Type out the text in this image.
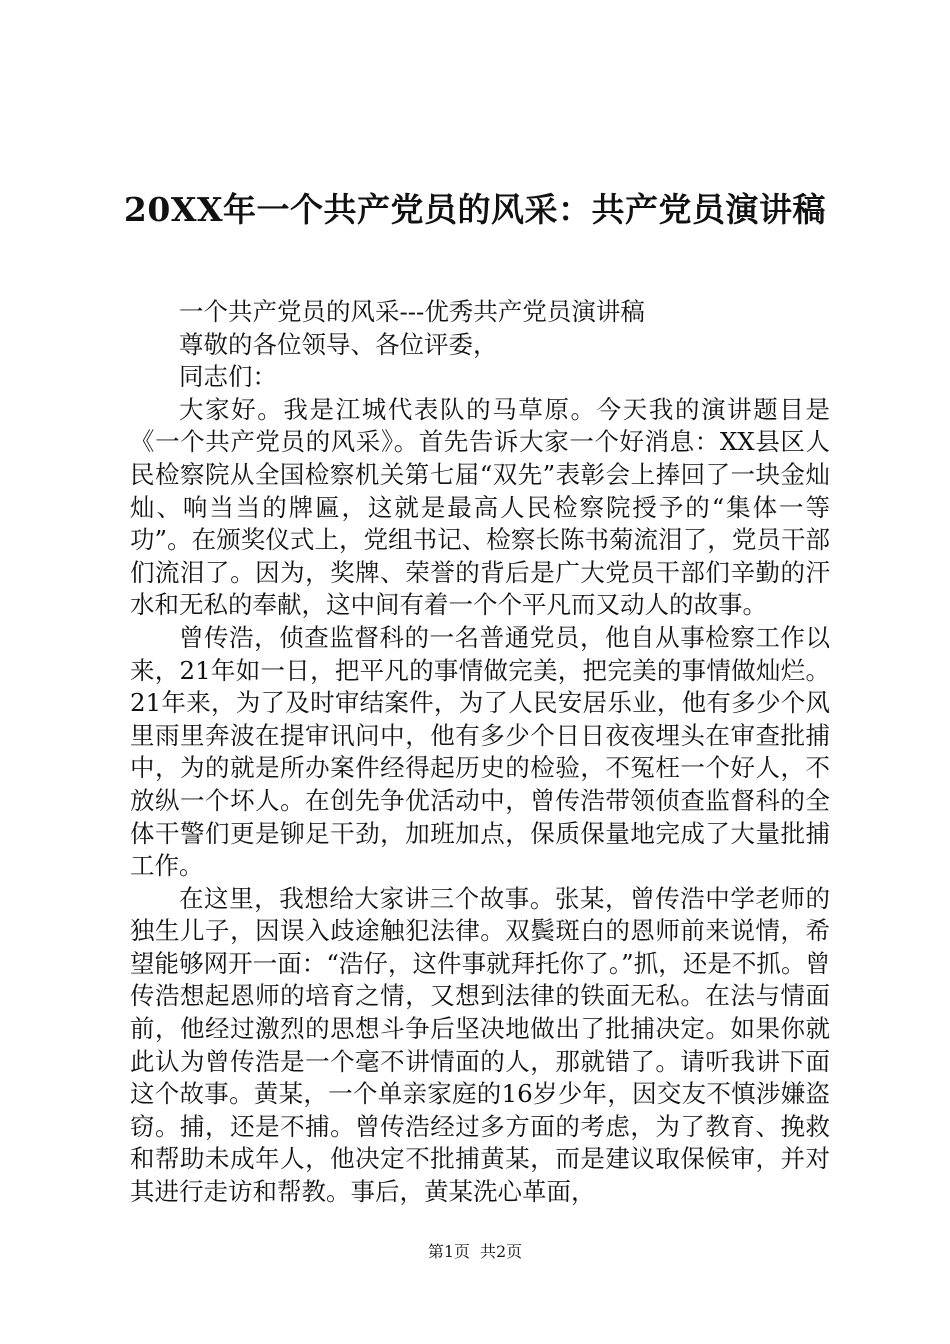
20XX年一个共产党员的风采：共产党员演讲稿

一个共产党员的风采---优秀共产党员演讲稿

尊敬的各位领导、各位评委，

同志们：

大家好。我是江城代表队的马草原。今天我的演讲题目是《一个共产党员的风采》。首先告诉大家一个好消息：XX县区人民检察院从全国检察机关第七届“双先”表彰会上捧回了一块金灿灿、响当当的牌匾，这就是最高人民检察院授予的“集体一等功”。在颁奖仪式上，党组书记、检察长陈书菊流泪了，党员干部们流泪了。因为，奖牌、荣誉的背后是广大党员干部们辛勤的汗水和无私的奉献，这中间有着一个个平凡而又动人的故事。

曾传浩，侦查监督科的一名普通党员，他自从事检察工作以来，21年如一日，把平凡的事情做完美，把完美的事情做灿烂。21年来，为了及时审结案件，为了人民安居乐业，他有多少个风里雨里奔波在提审讯问中，他有多少个日日夜夜埋头在审查批捕中，为的就是所办案件经得起历史的检验，不冤枉一个好人，不放纵一个坏人。在创先争优活动中，曾传浩带领侦查监督科的全体干警们更是铆足干劲，加班加点，保质保量地完成了大量批捕工作。

在这里，我想给大家讲三个故事。张某，曾传浩中学老师的独生儿子，因误入歧途触犯法律。双鬓斑白的恩师前来说情，希望能够网开一面：“浩仔，这件事就拜托你了。”抓，还是不抓。曾传浩想起恩师的培育之情，又想到法律的铁面无私。在法与情面前，他经过激烈的思想斗争后坚决地做出了批捕决定。如果你就此认为曾传浩是一个毫不讲情面的人，那就错了。请听我讲下面这个故事。黄某，一个单亲家庭的16岁少年，因交友不慎涉嫌盗窃。捕，还是不捕。曾传浩经过多方面的考虑，为了教育、挽救和帮助未成年人，他决定不批捕黄某，而是建议取保候审，并对其进行走访和帮教。事后，黄某洗心革面，

第1页 共2页
